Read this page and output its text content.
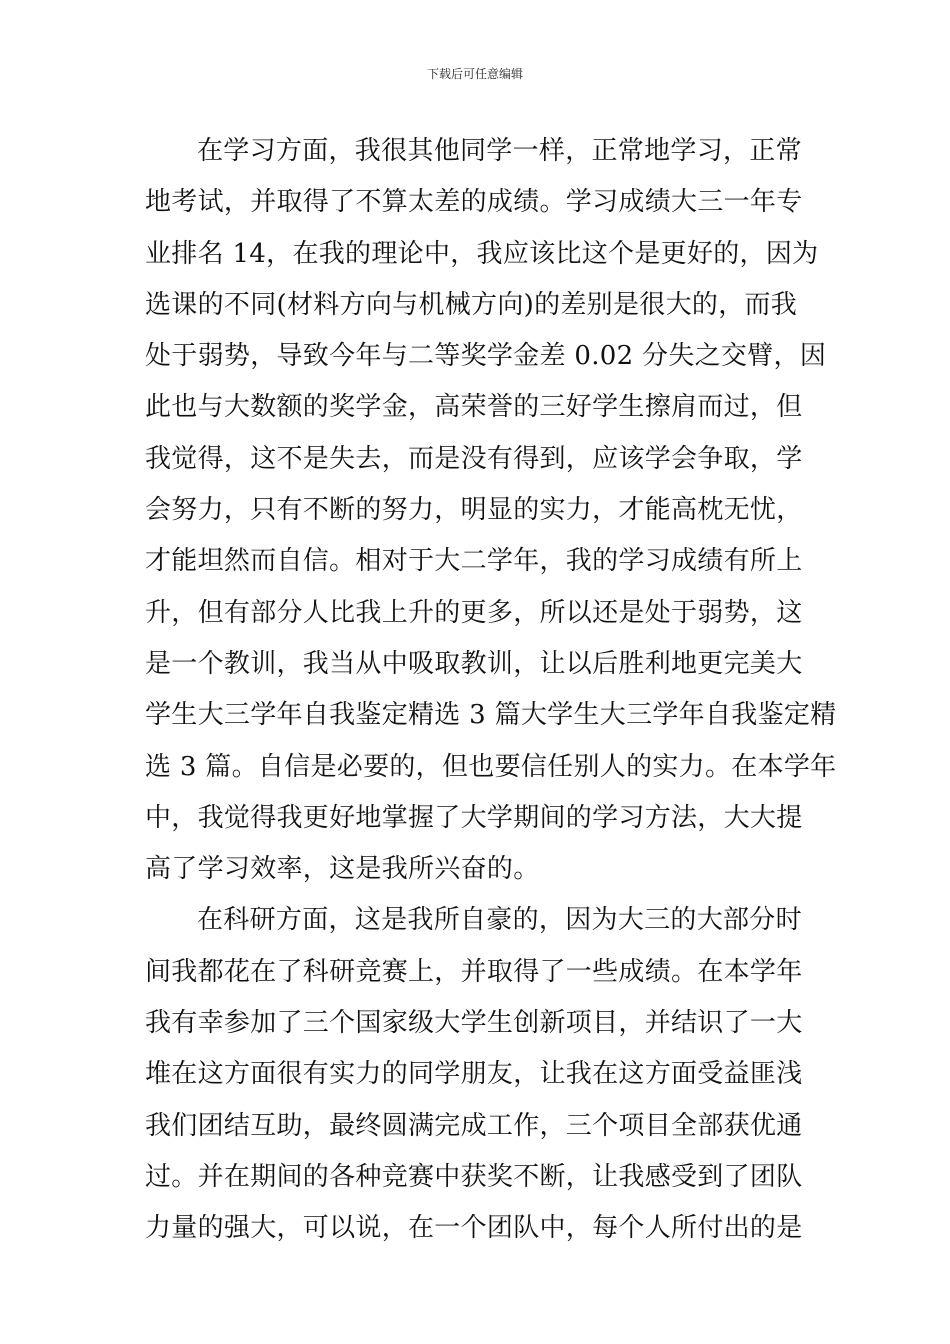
下载后可任意编辑
在学习方面，我很其他同学一样，正常地学习，正常
地考试，并取得了不算太差的成绩。学习成绩大三一年专
业排名 14，在我的理论中，我应该比这个是更好的，因为
选课的不同(材料方向与机械方向)的差别是很大的，而我
处于弱势，导致今年与二等奖学金差 0.02 分失之交臂，因
此也与大数额的奖学金，高荣誉的三好学生擦肩而过，但
我觉得，这不是失去，而是没有得到，应该学会争取，学
会努力，只有不断的努力，明显的实力，才能高枕无忧，
才能坦然而自信。相对于大二学年，我的学习成绩有所上
升，但有部分人比我上升的更多，所以还是处于弱势，这
是一个教训，我当从中吸取教训，让以后胜利地更完美大
学生大三学年自我鉴定精选 3 篇大学生大三学年自我鉴定精
选 3 篇。自信是必要的，但也要信任别人的实力。在本学年
中，我觉得我更好地掌握了大学期间的学习方法，大大提
高了学习效率，这是我所兴奋的。
在科研方面，这是我所自豪的，因为大三的大部分时
间我都花在了科研竞赛上，并取得了一些成绩。在本学年
我有幸参加了三个国家级大学生创新项目，并结识了一大
堆在这方面很有实力的同学朋友，让我在这方面受益匪浅
我们团结互助，最终圆满完成工作，三个项目全部获优通
过。并在期间的各种竞赛中获奖不断，让我感受到了团队
力量的强大，可以说，在一个团队中，每个人所付出的是
